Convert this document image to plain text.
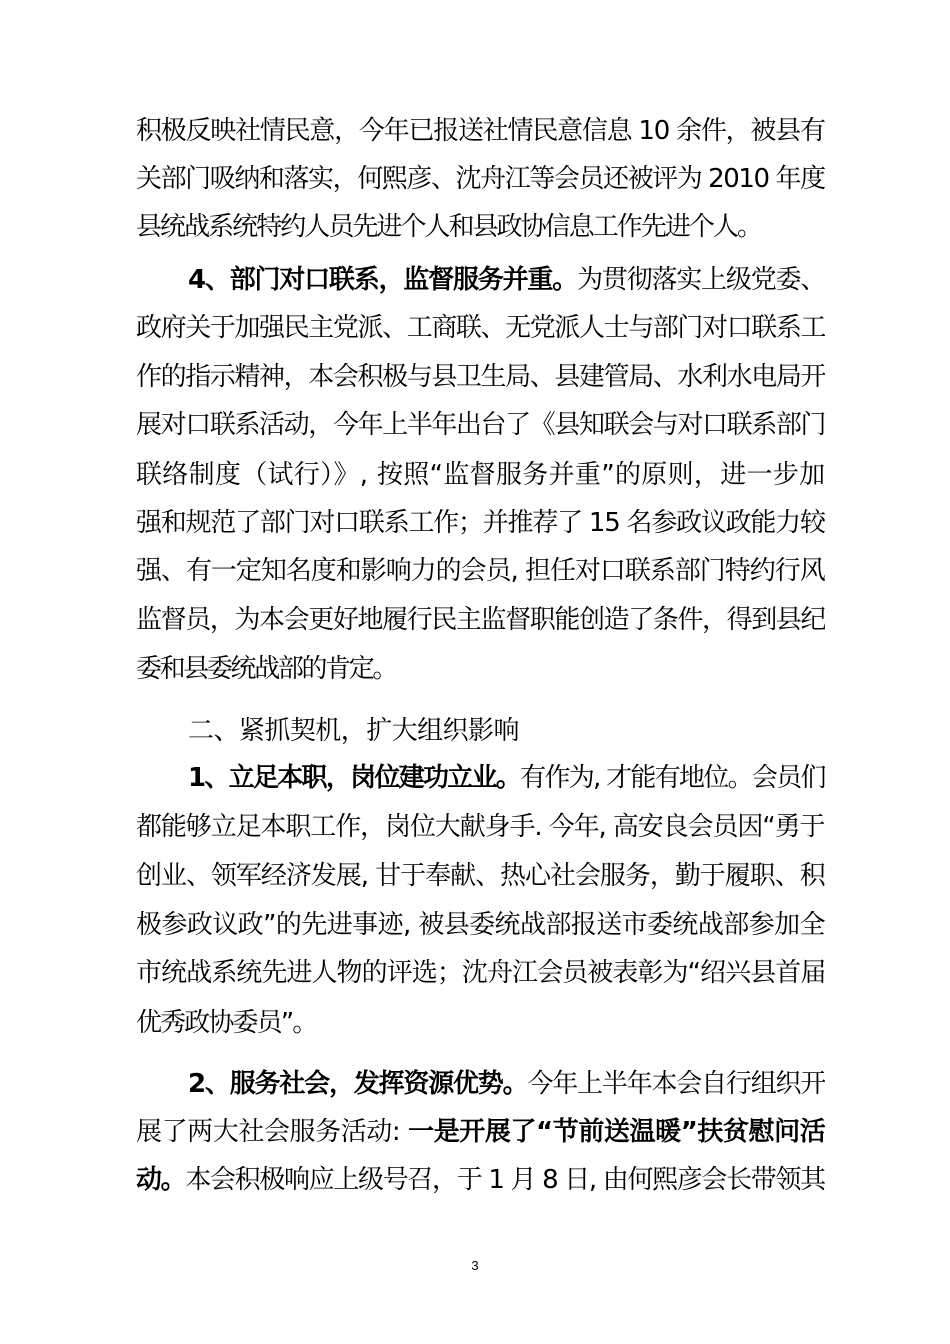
积极反映社情民意，今年已报送社情民意信息 10 余件，被县有
关部门吸纳和落实，何熙彦、沈舟江等会员还被评为 2010 年度
县统战系统特约人员先进个人和县政协信息工作先进个人。
4、部门对口联系，监督服务并重。为贯彻落实上级党委、
政府关于加强民主党派、工商联、无党派人士与部门对口联系工
作的指示精神，本会积极与县卫生局、县建管局、水利水电局开
展对口联系活动，今年上半年出台了《县知联会与对口联系部门
联络制度（试行）》, 按照“监督服务并重”的原则，进一步加
强和规范了部门对口联系工作；并推荐了 15 名参政议政能力较
强、有一定知名度和影响力的会员, 担任对口联系部门特约行风
监督员，为本会更好地履行民主监督职能创造了条件，得到县纪
委和县委统战部的肯定。
二、紧抓契机，扩大组织影响
1、立足本职，岗位建功立业。有作为, 才能有地位。会员们
都能够立足本职工作，岗位大献身手. 今年, 高安良会员因“勇于
创业、领军经济发展, 甘于奉献、热心社会服务，勤于履职、积
极参政议政”的先进事迹, 被县委统战部报送市委统战部参加全
市统战系统先进人物的评选；沈舟江会员被表彰为“绍兴县首届
优秀政协委员”。
2、服务社会，发挥资源优势。今年上半年本会自行组织开
展了两大社会服务活动: 一是开展了“节前送温暖”扶贫慰问活
动。本会积极响应上级号召，于 1 月 8 日, 由何熙彦会长带领其
3
